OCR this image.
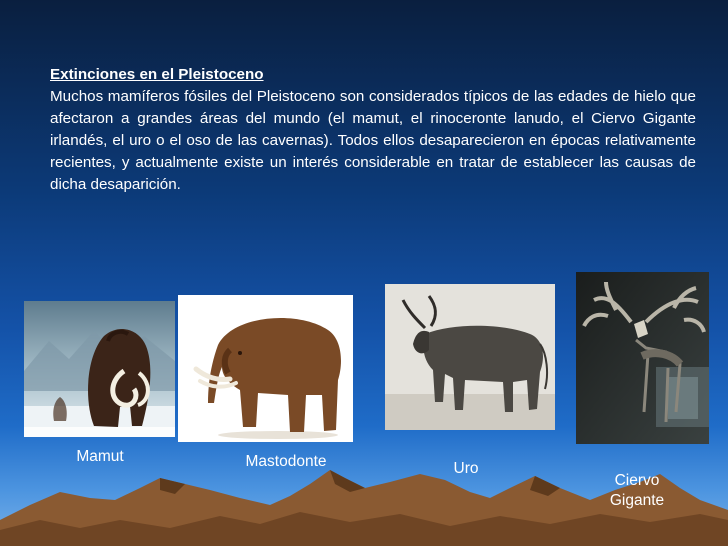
Extinciones en el Pleistoceno

Muchos mamíferos fósiles del Pleistoceno son considerados típicos de las edades de hielo que afectaron a grandes áreas del mundo (el mamut, el rinoceronte lanudo, el Ciervo Gigante irlandés, el uro o el oso de las cavernas). Todos ellos desaparecieron en épocas relativamente recientes, y actualmente existe un interés considerable en tratar de establecer las causas de dicha desaparición.

Mamut	Mastodonte	Uro
Ciervo
Gigante
